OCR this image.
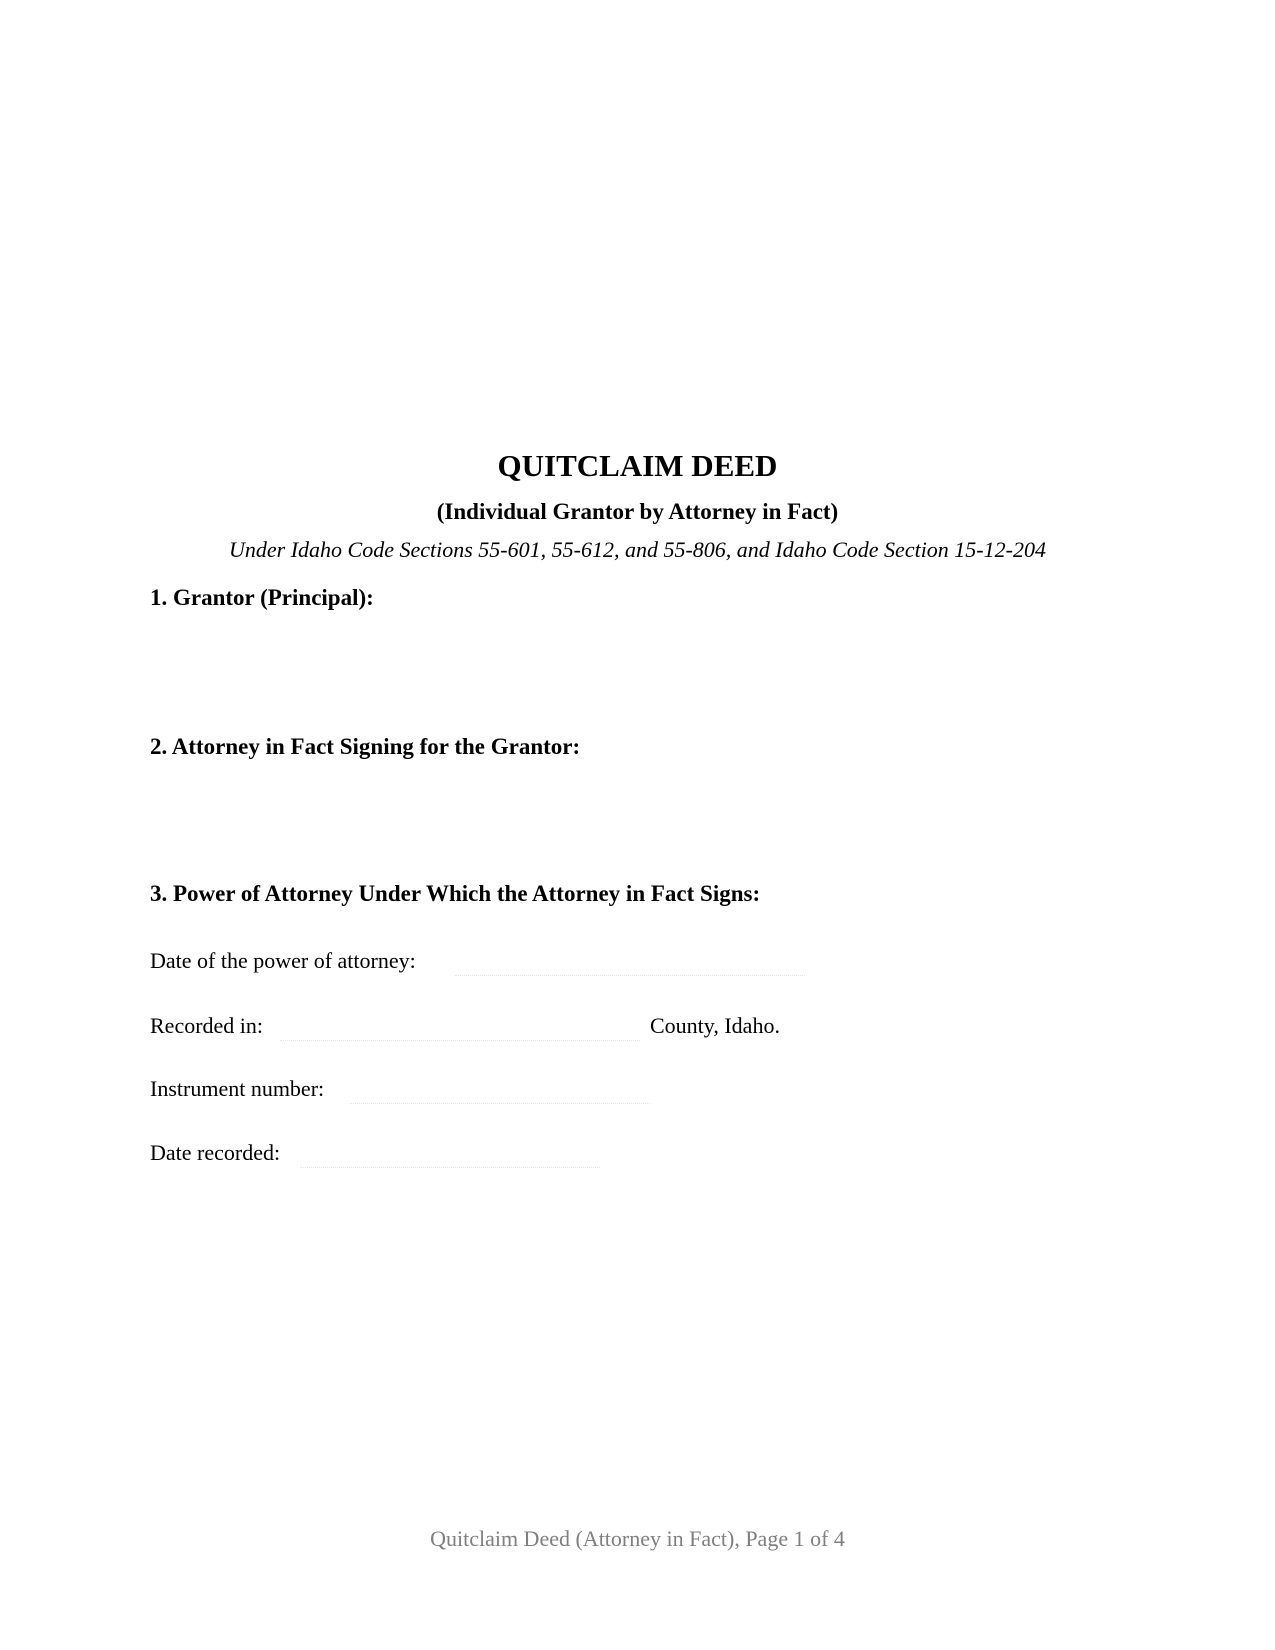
QUITCLAIM DEED
(Individual Grantor by Attorney in Fact)
Under Idaho Code Sections 55-601, 55-612, and 55-806, and Idaho Code Section 15-12-204
1. Grantor (Principal):
2. Attorney in Fact Signing for the Grantor:
3. Power of Attorney Under Which the Attorney in Fact Signs:
Date of the power of attorney:
Recorded in:	County, Idaho.
Instrument number:
Date recorded:
Quitclaim Deed (Attorney in Fact), Page 1 of 4
